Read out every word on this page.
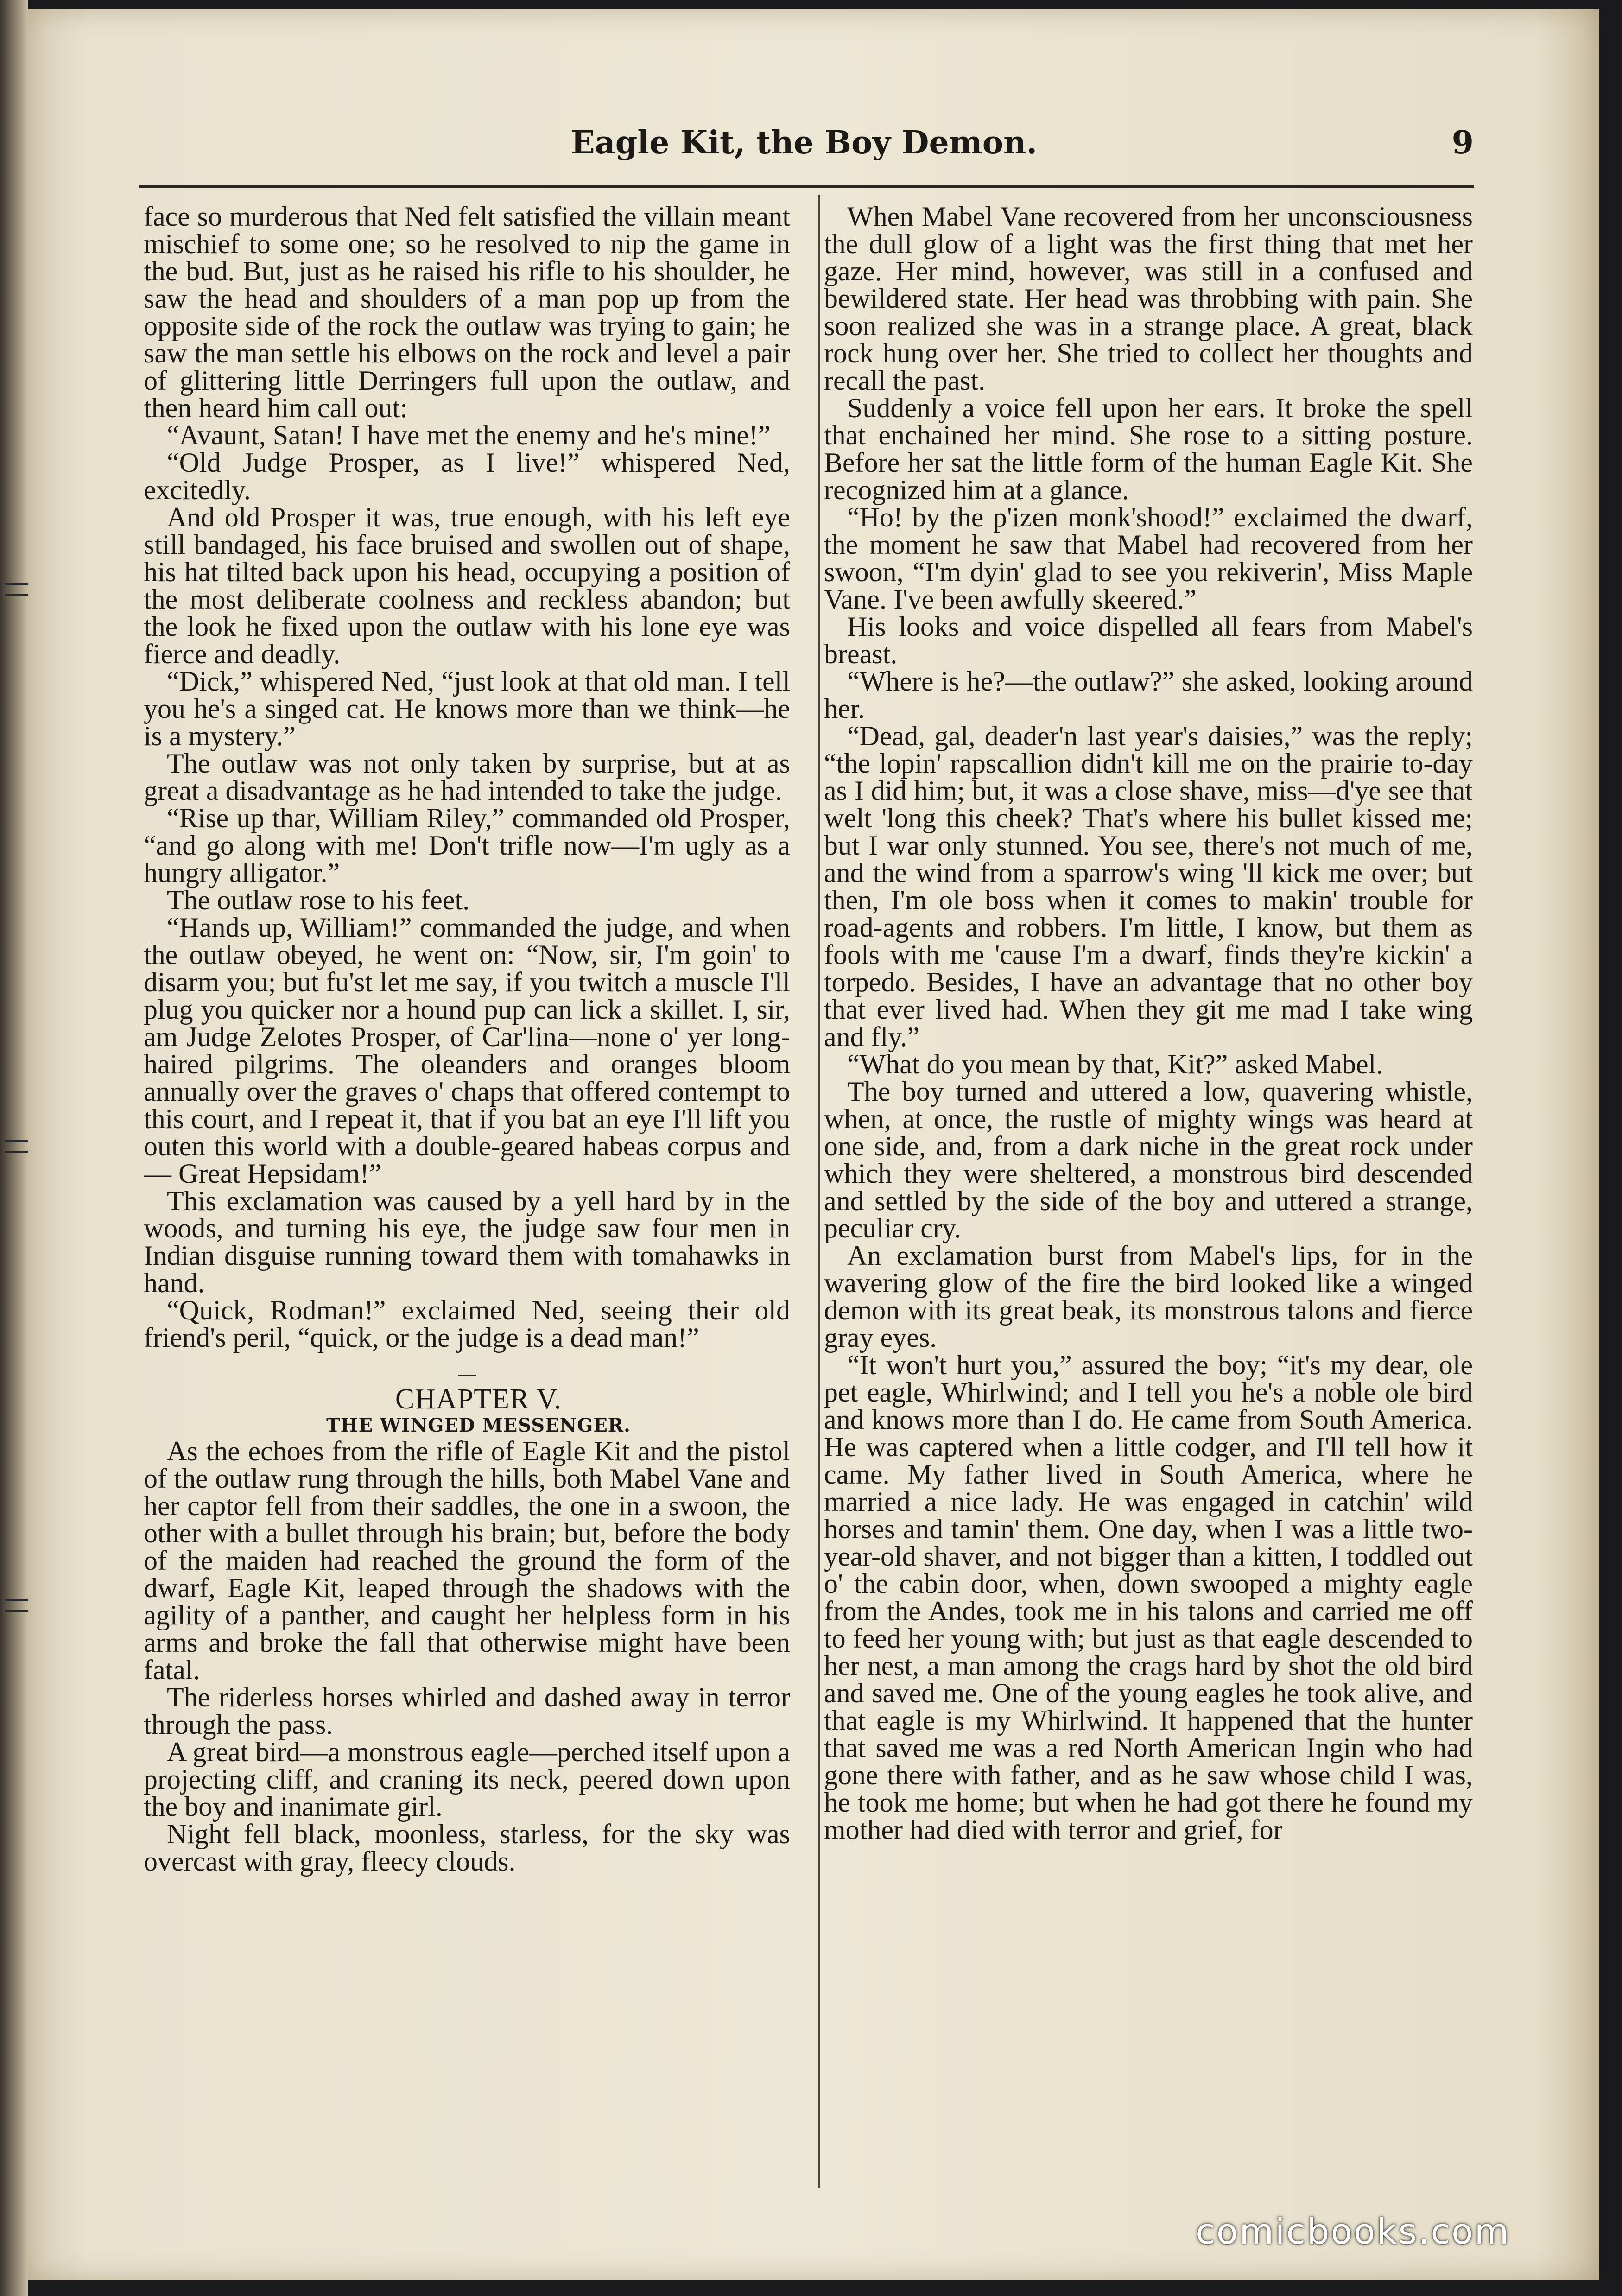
Eagle Kit, the Boy Demon.	9

face so murderous that Ned felt satisfied the villain meant mischief to some one; so he resolved to nip the game in the bud. But, just as he raised his rifle to his shoulder, he saw the head and shoulders of a man pop up from the opposite side of the rock the outlaw was trying to gain; he saw the man settle his elbows on the rock and level a pair of glittering little Derringers full upon the outlaw, and then heard him call out:

“Avaunt, Satan! I have met the enemy and he's mine!”

“Old Judge Prosper, as I live!” whispered Ned, excitedly.

And old Prosper it was, true enough, with his left eye still bandaged, his face bruised and swollen out of shape, his hat tilted back upon his head, occupying a position of the most deliberate coolness and reckless abandon; but the look he fixed upon the outlaw with his lone eye was fierce and deadly.

“Dick,” whispered Ned, “just look at that old man. I tell you he's a singed cat. He knows more than we think—he is a mystery.”

The outlaw was not only taken by surprise, but at as great a disadvantage as he had intended to take the judge.

“Rise up thar, William Riley,” commanded old Prosper, “and go along with me! Don't trifle now—I'm ugly as a hungry alligator.”

The outlaw rose to his feet.

“Hands up, William!” commanded the judge, and when the outlaw obeyed, he went on: “Now, sir, I'm goin' to disarm you; but fu'st let me say, if you twitch a muscle I'll plug you quicker nor a hound pup can lick a skillet. I, sir, am Judge Zelotes Prosper, of Car'lina—none o' yer long-haired pilgrims. The oleanders and oranges bloom annually over the graves o' chaps that offered contempt to this court, and I repeat it, that if you bat an eye I'll lift you outen this world with a double-geared habeas corpus and— Great Hepsidam!”

This exclamation was caused by a yell hard by in the woods, and turning his eye, the judge saw four men in Indian disguise running toward them with tomahawks in hand.

“Quick, Rodman!” exclaimed Ned, seeing their old friend's peril, “quick, or the judge is a dead man!”

CHAPTER V.

THE WINGED MESSENGER.

As the echoes from the rifle of Eagle Kit and the pistol of the outlaw rung through the hills, both Mabel Vane and her captor fell from their saddles, the one in a swoon, the other with a bullet through his brain; but, before the body of the maiden had reached the ground the form of the dwarf, Eagle Kit, leaped through the shadows with the agility of a panther, and caught her helpless form in his arms and broke the fall that otherwise might have been fatal.

The riderless horses whirled and dashed away in terror through the pass.

A great bird—a monstrous eagle—perched itself upon a projecting cliff, and craning its neck, peered down upon the boy and inanimate girl.

Night fell black, moonless, starless, for the sky was overcast with gray, fleecy clouds.

When Mabel Vane recovered from her unconsciousness the dull glow of a light was the first thing that met her gaze. Her mind, however, was still in a confused and bewildered state. Her head was throbbing with pain. She soon realized she was in a strange place. A great, black rock hung over her. She tried to collect her thoughts and recall the past.

Suddenly a voice fell upon her ears. It broke the spell that enchained her mind. She rose to a sitting posture. Before her sat the little form of the human Eagle Kit. She recognized him at a glance.

“Ho! by the p'izen monk'shood!” exclaimed the dwarf, the moment he saw that Mabel had recovered from her swoon, “I'm dyin' glad to see you rekiverin', Miss Maple Vane. I've been awfully skeered.”

His looks and voice dispelled all fears from Mabel's breast.

“Where is he?—the outlaw?” she asked, looking around her.

“Dead, gal, deader'n last year's daisies,” was the reply; “the lopin' rapscallion didn't kill me on the prairie to-day as I did him; but, it was a close shave, miss—d'ye see that welt 'long this cheek? That's where his bullet kissed me; but I war only stunned. You see, there's not much of me, and the wind from a sparrow's wing 'll kick me over; but then, I'm ole boss when it comes to makin' trouble for road-agents and robbers. I'm little, I know, but them as fools with me 'cause I'm a dwarf, finds they're kickin' a torpedo. Besides, I have an advantage that no other boy that ever lived had. When they git me mad I take wing and fly.”

“What do you mean by that, Kit?” asked Mabel.

The boy turned and uttered a low, quavering whistle, when, at once, the rustle of mighty wings was heard at one side, and, from a dark niche in the great rock under which they were sheltered, a monstrous bird descended and settled by the side of the boy and uttered a strange, peculiar cry.

An exclamation burst from Mabel's lips, for in the wavering glow of the fire the bird looked like a winged demon with its great beak, its monstrous talons and fierce gray eyes.

“It won't hurt you,” assured the boy; “it's my dear, ole pet eagle, Whirlwind; and I tell you he's a noble ole bird and knows more than I do. He came from South America. He was captered when a little codger, and I'll tell how it came. My father lived in South America, where he married a nice lady. He was engaged in catchin' wild horses and tamin' them. One day, when I was a little two-year-old shaver, and not bigger than a kitten, I toddled out o' the cabin door, when, down swooped a mighty eagle from the Andes, took me in his talons and carried me off to feed her young with; but just as that eagle descended to her nest, a man among the crags hard by shot the old bird and saved me. One of the young eagles he took alive, and that eagle is my Whirlwind. It happened that the hunter that saved me was a red North American Ingin who had gone there with father, and as he saw whose child I was, he took me home; but when he had got there he found my mother had died with terror and grief, for

comicbooks.com
